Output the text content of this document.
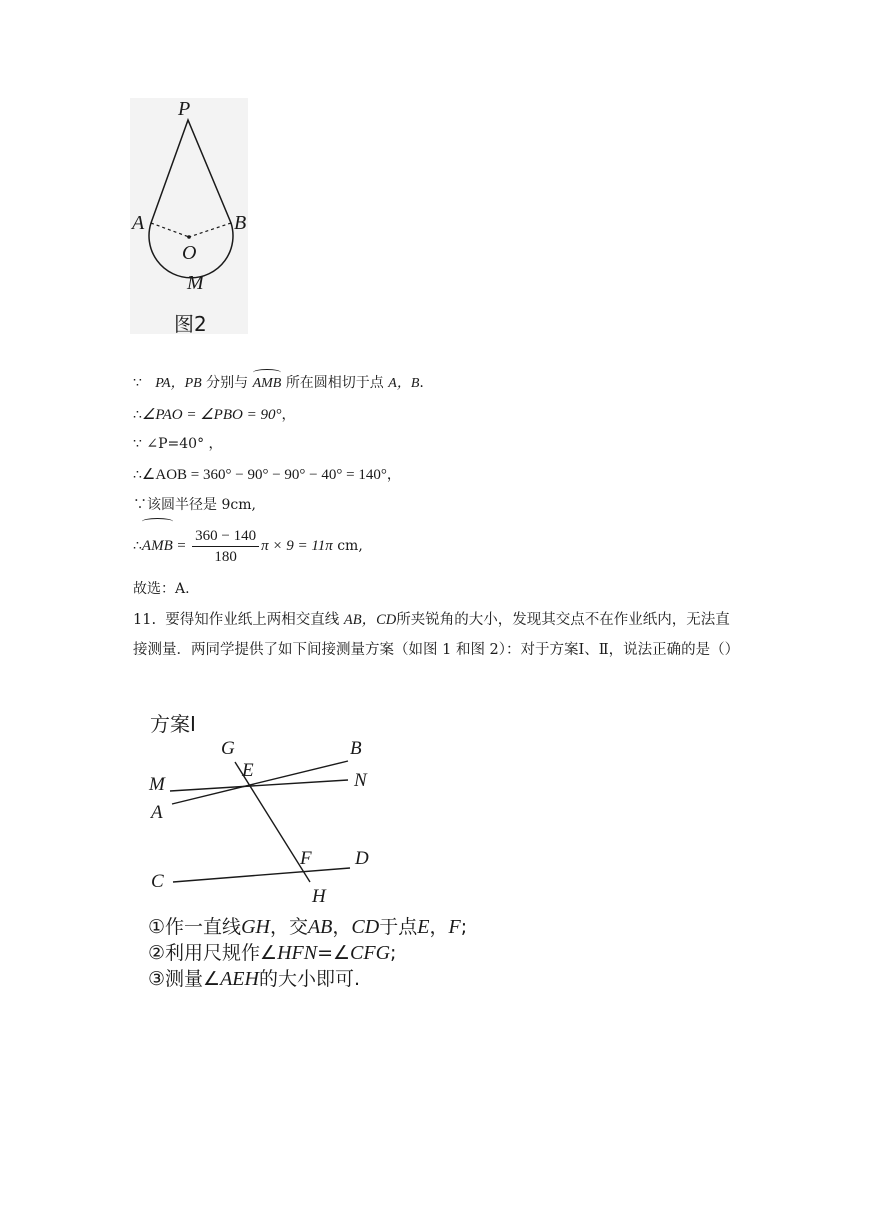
P
A	B
O
M
图2
∵ PA，PB 分别与 AMB 所在圆相切于点 A，B.
∴∠PAO = ∠PBO = 90°，
∵ ∠P=40° ，
∴∠AOB = 360° − 90° − 90° − 40° = 140°，
∵该圆半径是 9cm,
∴AMB = $\frac{360 - 140}{180}$ π × 9 = 11π cm,
故选：A.
11. 要得知作业纸上两相交直线 AB，CD所夹锐角的大小，发现其交点不在作业纸内，无法直接测量．两同学提供了如下间接测量方案（如图 1 和图 2）：对于方案Ⅰ、Ⅱ，说法正确的是（）
方案Ⅰ
G	B
E
M	N
A
F D
C
H
①作一直线GH，交AB，CD于点E，F;
②利用尺规作∠HFN=∠CFG;
③测量∠AEH的大小即可.
